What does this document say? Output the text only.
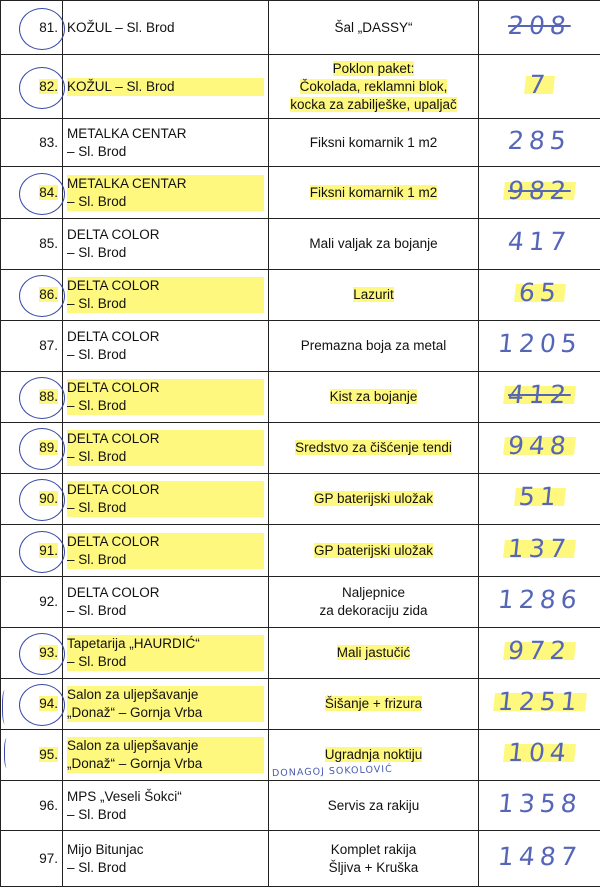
81.	KOŽUL – Sl. Brod	Šal „DASSY“	208
82.	KOŽUL – Sl. Brod	Poklon paket:
Čokolada, reklamni blok,
kocka za zabilješke, upaljač	7
83.	METALKA CENTAR
– Sl. Brod	Fiksni komarnik 1 m2	285
84.	METALKA CENTAR
– Sl. Brod	Fiksni komarnik 1 m2	982
85.	DELTA COLOR
– Sl. Brod	Mali valjak za bojanje	417
86.	DELTA COLOR
– Sl. Brod	Lazurit	65
87.	DELTA COLOR
– Sl. Brod	Premazna boja za metal	1205
88.	DELTA COLOR
– Sl. Brod	Kist za bojanje	412
89.	DELTA COLOR
– Sl. Brod	Sredstvo za čišćenje tendi	948
90.	DELTA COLOR
– Sl. Brod	GP baterijski uložak	51
91.	DELTA COLOR
– Sl. Brod	GP baterijski uložak	137
92.	DELTA COLOR
– Sl. Brod	Naljepnice
za dekoraciju zida	1286
93.	Tapetarija „HAURDIĆ“
– Sl. Brod	Mali jastučić	972
94.	Salon za uljepšavanje
„Donaž“ – Gornja Vrba	Šišanje + frizura	1251
95.	Salon za uljepšavanje
„Donaž“ – Gornja Vrba	Ugradnja noktiju	104
96.	MPS „Veseli Šokci“
– Sl. Brod	Servis za rakiju	1358
97.	Mijo Bitunjac
– Sl. Brod	Komplet rakija
Šljiva + Kruška	1487
DONAGOJ SOKOLOVIĆ
